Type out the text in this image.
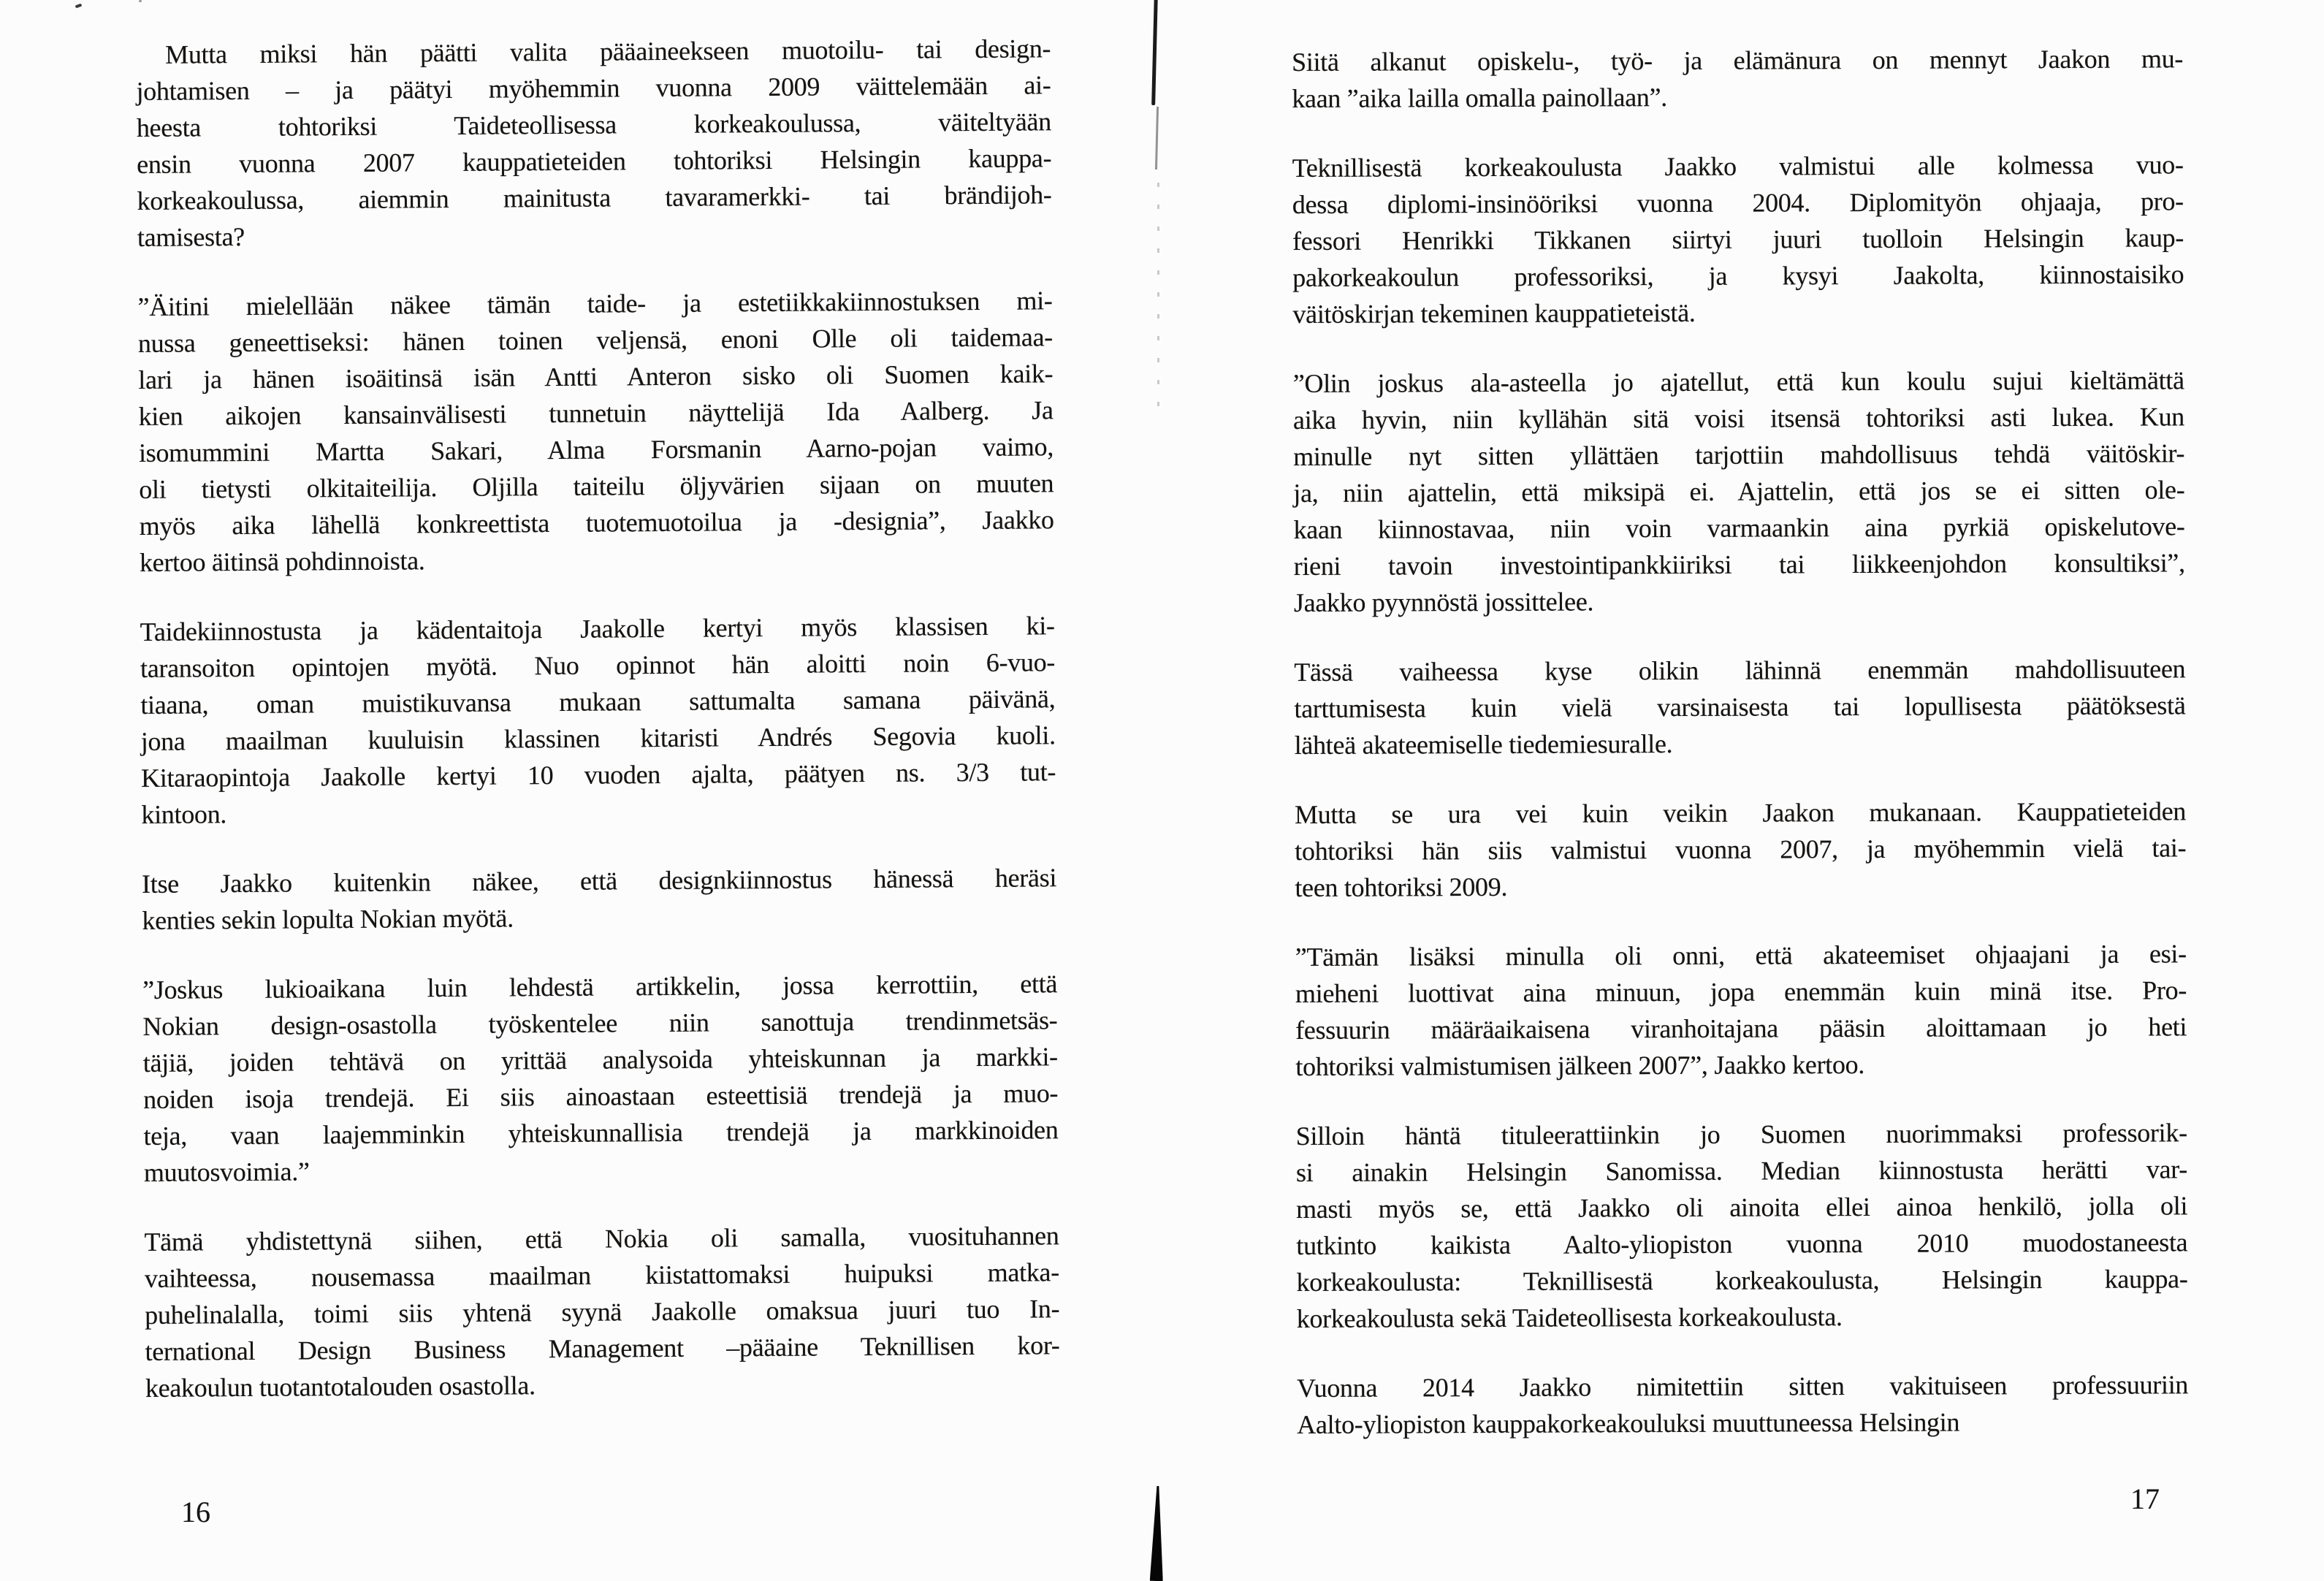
Mutta miksi hän päätti valita pääaineekseen muotoilu- tai design-
johtamisen – ja päätyi myöhemmin vuonna 2009 väittelemään ai-
heesta tohtoriksi Taideteollisessa korkeakoulussa, väiteltyään
ensin vuonna 2007 kauppatieteiden tohtoriksi Helsingin kauppa-
korkeakoulussa, aiemmin mainitusta tavaramerkki- tai brändijoh-
tamisesta?

”Äitini mielellään näkee tämän taide- ja estetiikkakiinnostuksen mi-
nussa geneettiseksi: hänen toinen veljensä, enoni Olle oli taidemaa-
lari ja hänen isoäitinsä isän Antti Anteron sisko oli Suomen kaik-
kien aikojen kansainvälisesti tunnetuin näyttelijä Ida Aalberg. Ja
isomummini Martta Sakari, Alma Forsmanin Aarno-pojan vaimo,
oli tietysti olkitaiteilija. Oljilla taiteilu öljyvärien sijaan on muuten
myös aika lähellä konkreettista tuotemuotoilua ja -designia”, Jaakko
kertoo äitinsä pohdinnoista.

Taidekiinnostusta ja kädentaitoja Jaakolle kertyi myös klassisen ki-
taransoiton opintojen myötä. Nuo opinnot hän aloitti noin 6-vuo-
tiaana, oman muistikuvansa mukaan sattumalta samana päivänä,
jona maailman kuuluisin klassinen kitaristi Andrés Segovia kuoli.
Kitaraopintoja Jaakolle kertyi 10 vuoden ajalta, päätyen ns. 3/3 tut-
kintoon.

Itse Jaakko kuitenkin näkee, että designkiinnostus hänessä heräsi
kenties sekin lopulta Nokian myötä.

”Joskus lukioaikana luin lehdestä artikkelin, jossa kerrottiin, että
Nokian design-osastolla työskentelee niin sanottuja trendinmetsäs-
täjiä, joiden tehtävä on yrittää analysoida yhteiskunnan ja markki-
noiden isoja trendejä. Ei siis ainoastaan esteettisiä trendejä ja muo-
teja, vaan laajemminkin yhteiskunnallisia trendejä ja markkinoiden
muutosvoimia.”

Tämä yhdistettynä siihen, että Nokia oli samalla, vuosituhannen
vaihteessa, nousemassa maailman kiistattomaksi huipuksi matka-
puhelinalalla, toimi siis yhtenä syynä Jaakolle omaksua juuri tuo In-
ternational Design Business Management –pääaine Teknillisen kor-
keakoulun tuotantotalouden osastolla.

16

Siitä alkanut opiskelu-, työ- ja elämänura on mennyt Jaakon mu-
kaan ”aika lailla omalla painollaan”.

Teknillisestä korkeakoulusta Jaakko valmistui alle kolmessa vuo-
dessa diplomi-insinööriksi vuonna 2004. Diplomityön ohjaaja, pro-
fessori Henrikki Tikkanen siirtyi juuri tuolloin Helsingin kaup-
pakorkeakoulun professoriksi, ja kysyi Jaakolta, kiinnostaisiko
väitöskirjan tekeminen kauppatieteistä.

”Olin joskus ala-asteella jo ajatellut, että kun koulu sujui kieltämättä
aika hyvin, niin kyllähän sitä voisi itsensä tohtoriksi asti lukea. Kun
minulle nyt sitten yllättäen tarjottiin mahdollisuus tehdä väitöskir-
ja, niin ajattelin, että miksipä ei. Ajattelin, että jos se ei sitten ole-
kaan kiinnostavaa, niin voin varmaankin aina pyrkiä opiskelutove-
rieni tavoin investointipankkiiriksi tai liikkeenjohdon konsultiksi”,
Jaakko pyynnöstä jossittelee.

Tässä vaiheessa kyse olikin lähinnä enemmän mahdollisuuteen
tarttumisesta kuin vielä varsinaisesta tai lopullisesta päätöksestä
lähteä akateemiselle tiedemiesuralle.

Mutta se ura vei kuin veikin Jaakon mukanaan. Kauppatieteiden
tohtoriksi hän siis valmistui vuonna 2007, ja myöhemmin vielä tai-
teen tohtoriksi 2009.

”Tämän lisäksi minulla oli onni, että akateemiset ohjaajani ja esi-
mieheni luottivat aina minuun, jopa enemmän kuin minä itse. Pro-
fessuurin määräaikaisena viranhoitajana pääsin aloittamaan jo heti
tohtoriksi valmistumisen jälkeen 2007”, Jaakko kertoo.

Silloin häntä tituleerattiinkin jo Suomen nuorimmaksi professorik-
si ainakin Helsingin Sanomissa. Median kiinnostusta herätti var-
masti myös se, että Jaakko oli ainoita ellei ainoa henkilö, jolla oli
tutkinto kaikista Aalto-yliopiston vuonna 2010 muodostaneesta
korkeakoulusta: Teknillisestä korkeakoulusta, Helsingin kauppa-
korkeakoulusta sekä Taideteollisesta korkeakoulusta.

Vuonna 2014 Jaakko nimitettiin sitten vakituiseen professuuriin
Aalto-yliopiston kauppakorkeakouluksi muuttuneessa Helsingin

17
